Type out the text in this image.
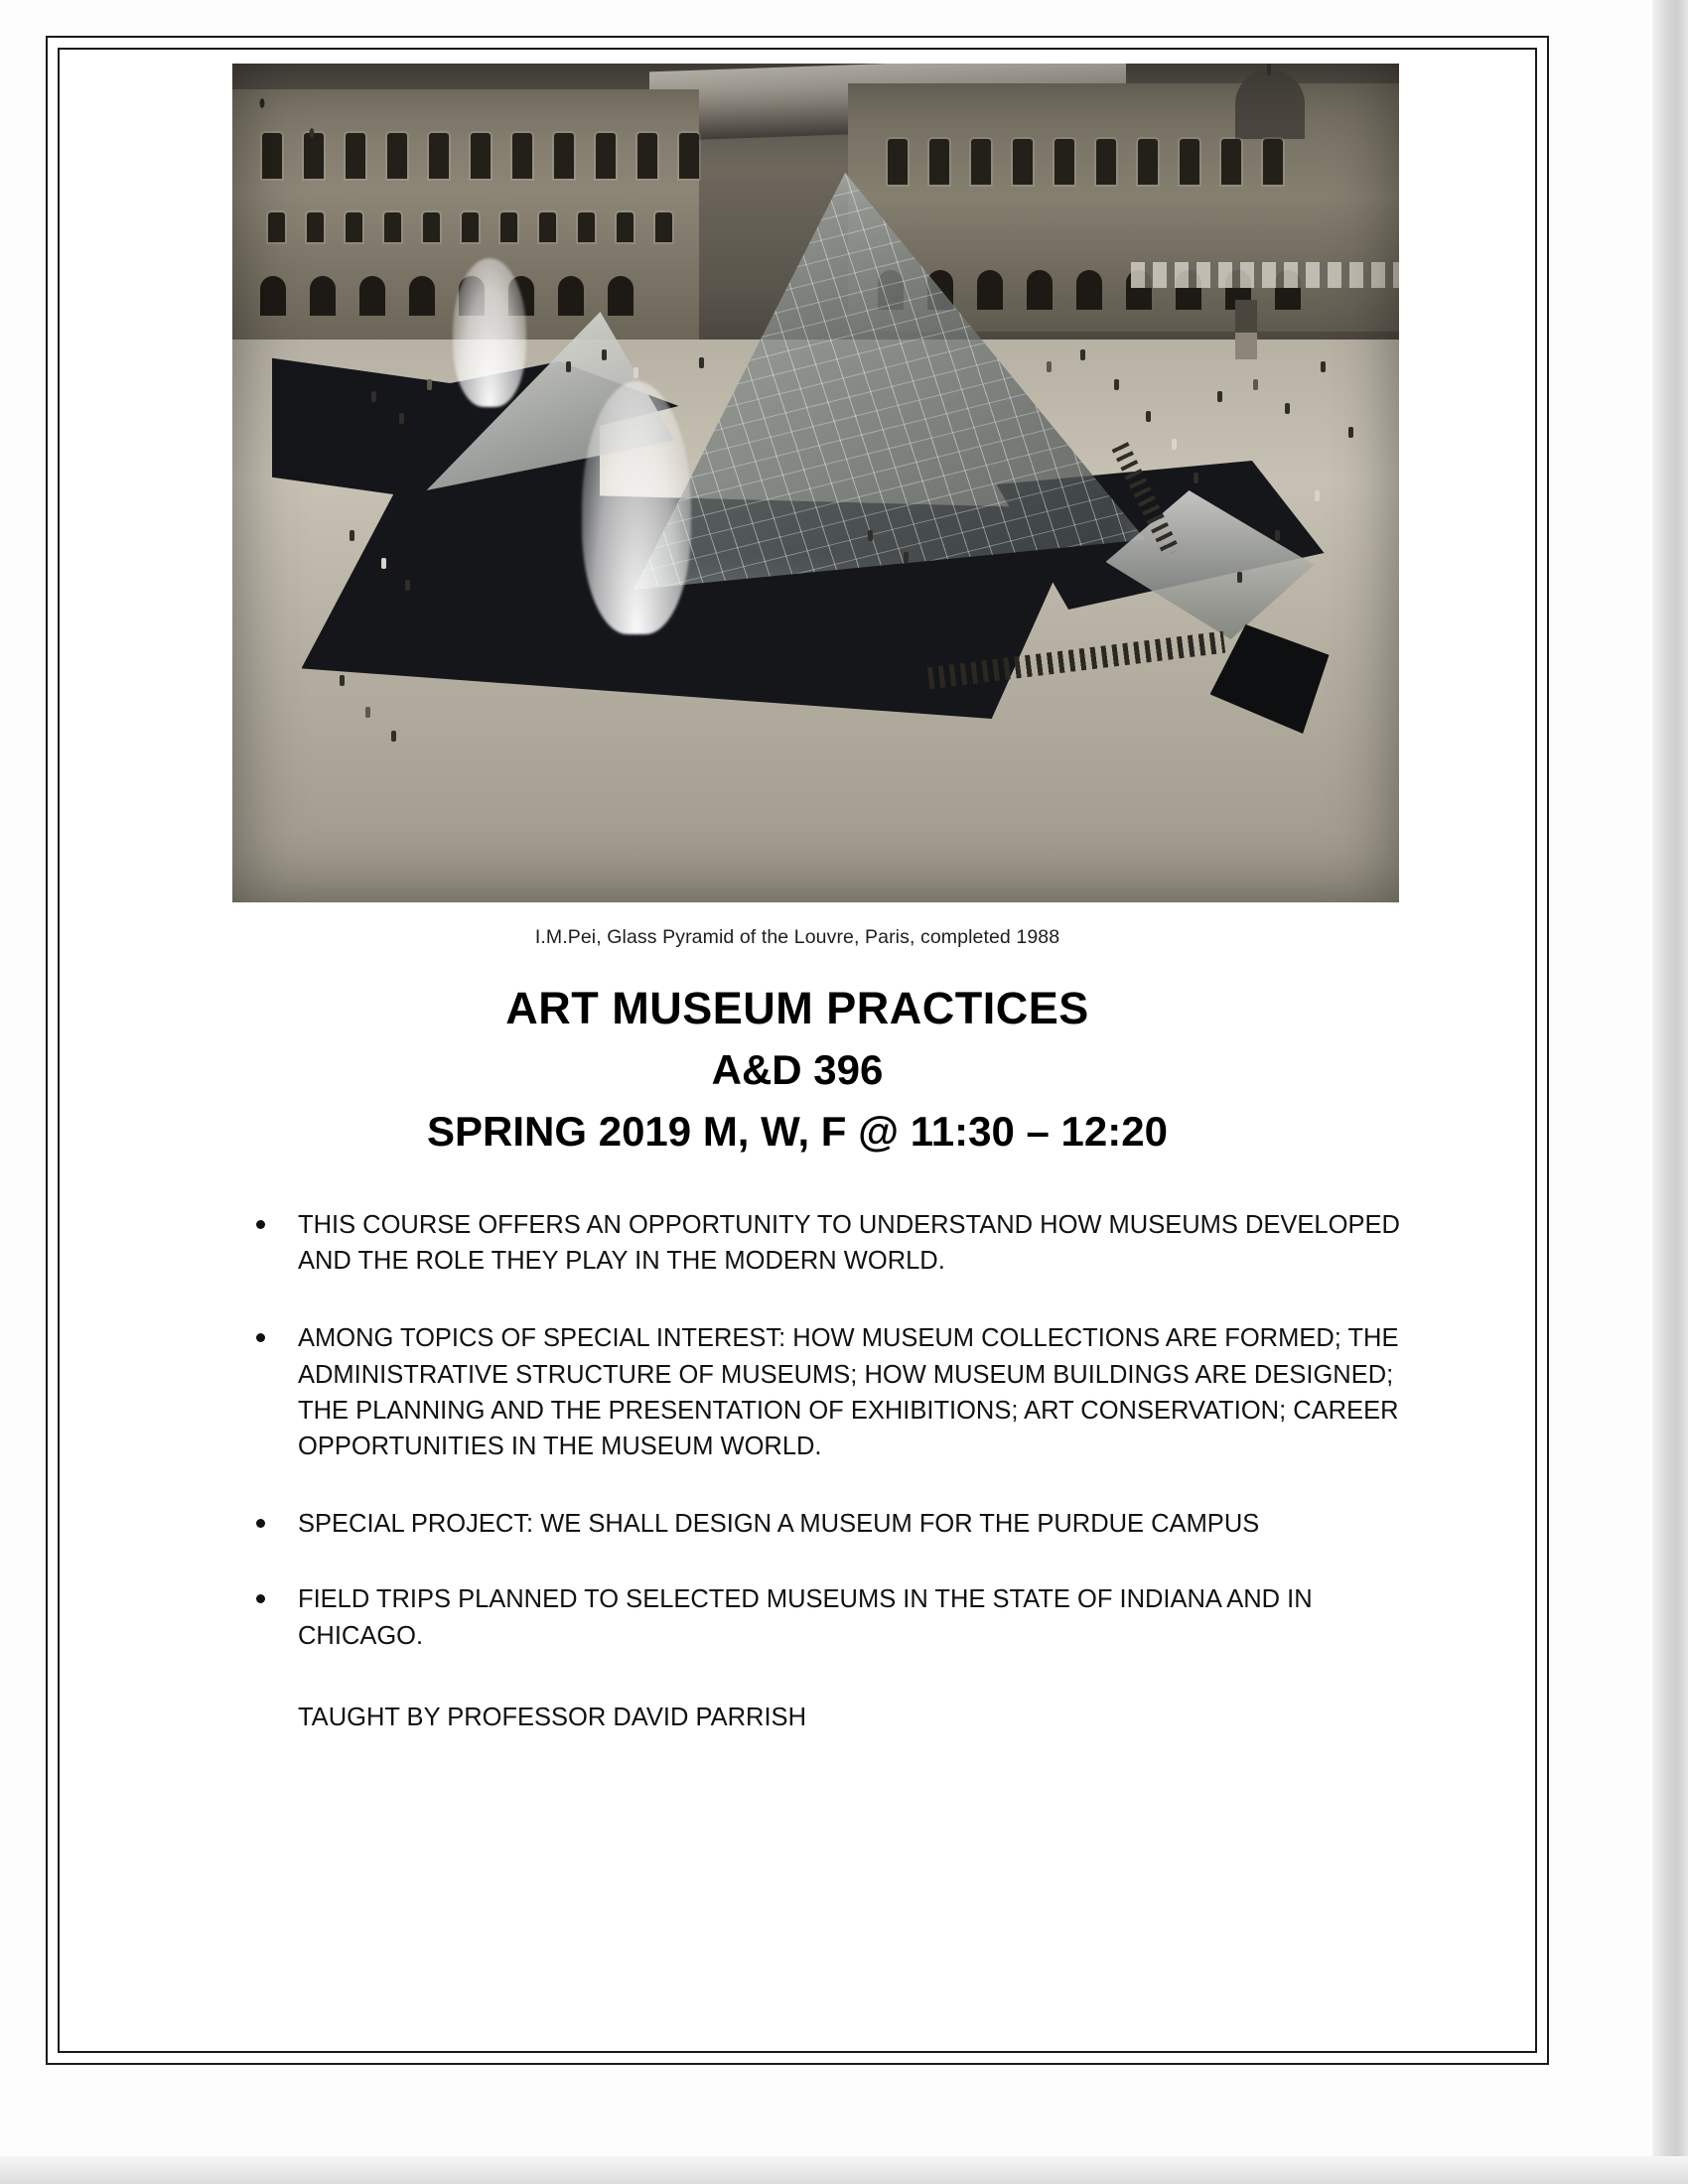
I.M.Pei, Glass Pyramid of the Louvre, Paris, completed 1988
ART MUSEUM PRACTICES
A&D 396
SPRING 2019 M, W, F @ 11:30 – 12:20
THIS COURSE OFFERS AN OPPORTUNITY TO UNDERSTAND HOW MUSEUMS DEVELOPED AND THE ROLE THEY PLAY IN THE MODERN WORLD.
AMONG TOPICS OF SPECIAL INTEREST: HOW MUSEUM COLLECTIONS ARE FORMED; THE ADMINISTRATIVE STRUCTURE OF MUSEUMS; HOW MUSEUM BUILDINGS ARE DESIGNED; THE PLANNING AND THE PRESENTATION OF EXHIBITIONS; ART CONSERVATION; CAREER OPPORTUNITIES IN THE MUSEUM WORLD.
SPECIAL PROJECT: WE SHALL DESIGN A MUSEUM FOR THE PURDUE CAMPUS
FIELD TRIPS PLANNED TO SELECTED MUSEUMS IN THE STATE OF INDIANA AND IN CHICAGO.
TAUGHT BY PROFESSOR DAVID PARRISH
